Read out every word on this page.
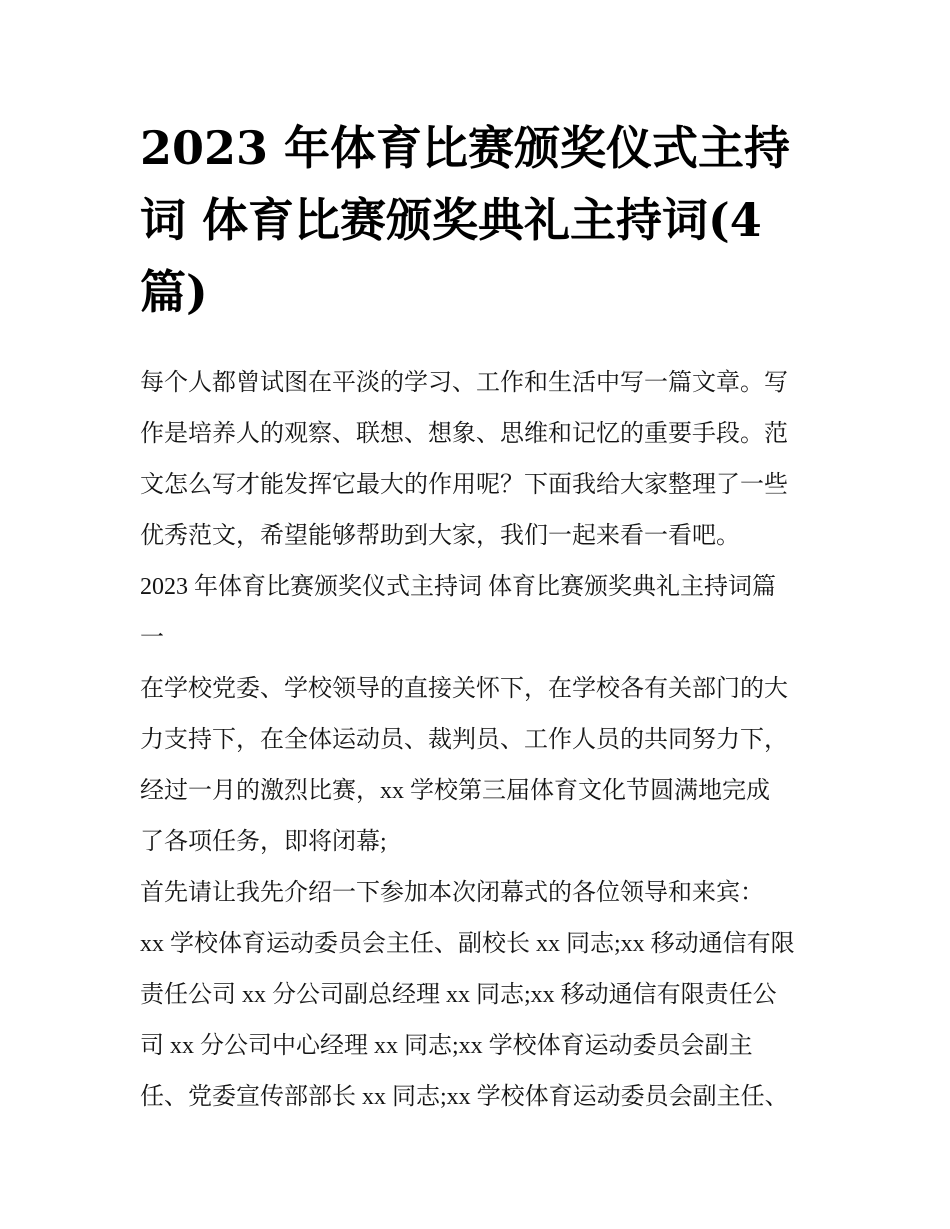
2023 年体育比赛颁奖仪式主持
词 体育比赛颁奖典礼主持词(4
篇)
每个人都曾试图在平淡的学习、工作和生活中写一篇文章。写
作是培养人的观察、联想、想象、思维和记忆的重要手段。范
文怎么写才能发挥它最大的作用呢？下面我给大家整理了一些
优秀范文，希望能够帮助到大家，我们一起来看一看吧。
2023 年体育比赛颁奖仪式主持词 体育比赛颁奖典礼主持词篇
一
在学校党委、学校领导的直接关怀下，在学校各有关部门的大
力支持下，在全体运动员、裁判员、工作人员的共同努力下，
经过一月的激烈比赛，xx 学校第三届体育文化节圆满地完成
了各项任务，即将闭幕;
首先请让我先介绍一下参加本次闭幕式的各位领导和来宾：
xx 学校体育运动委员会主任、副校长 xx 同志;xx 移动通信有限
责任公司 xx 分公司副总经理 xx 同志;xx 移动通信有限责任公
司 xx 分公司中心经理 xx 同志;xx 学校体育运动委员会副主
任、党委宣传部部长 xx 同志;xx 学校体育运动委员会副主任、
